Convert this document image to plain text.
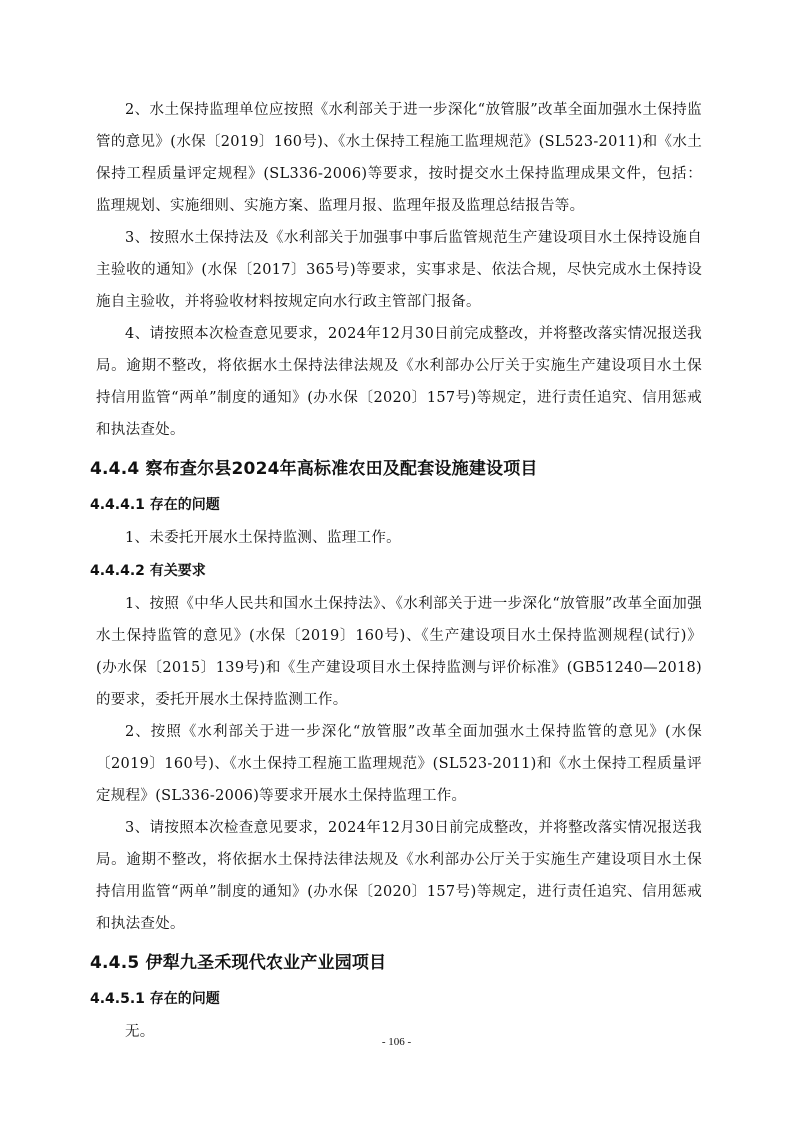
2、水土保持监理单位应按照《水利部关于进一步深化“放管服”改革全面加强水土保持监管的意见》(水保〔2019〕160号)、《水土保持工程施工监理规范》(SL523-2011)和《水土保持工程质量评定规程》(SL336-2006)等要求，按时提交水土保持监理成果文件，包括：监理规划、实施细则、实施方案、监理月报、监理年报及监理总结报告等。

3、按照水土保持法及《水利部关于加强事中事后监管规范生产建设项目水土保持设施自主验收的通知》(水保〔2017〕365号)等要求，实事求是、依法合规，尽快完成水土保持设施自主验收，并将验收材料按规定向水行政主管部门报备。

4、请按照本次检查意见要求，2024年12月30日前完成整改，并将整改落实情况报送我局。逾期不整改，将依据水土保持法律法规及《水利部办公厅关于实施生产建设项目水土保持信用监管“两单”制度的通知》(办水保〔2020〕157号)等规定，进行责任追究、信用惩戒和执法查处。

4.4.4 察布查尔县2024年高标准农田及配套设施建设项目
4.4.4.1 存在的问题

1、未委托开展水土保持监测、监理工作。

4.4.4.2 有关要求

1、按照《中华人民共和国水土保持法》、《水利部关于进一步深化“放管服”改革全面加强水土保持监管的意见》(水保〔2019〕160号)、《生产建设项目水土保持监测规程(试行)》(办水保〔2015〕139号)和《生产建设项目水土保持监测与评价标准》(GB51240—2018)的要求，委托开展水土保持监测工作。

2、按照《水利部关于进一步深化“放管服”改革全面加强水土保持监管的意见》(水保〔2019〕160号)、《水土保持工程施工监理规范》(SL523-2011)和《水土保持工程质量评定规程》(SL336-2006)等要求开展水土保持监理工作。

3、请按照本次检查意见要求，2024年12月30日前完成整改，并将整改落实情况报送我局。逾期不整改，将依据水土保持法律法规及《水利部办公厅关于实施生产建设项目水土保持信用监管“两单”制度的通知》(办水保〔2020〕157号)等规定，进行责任追究、信用惩戒和执法查处。

4.4.5 伊犁九圣禾现代农业产业园项目
4.4.5.1 存在的问题

无。

- 106 -
